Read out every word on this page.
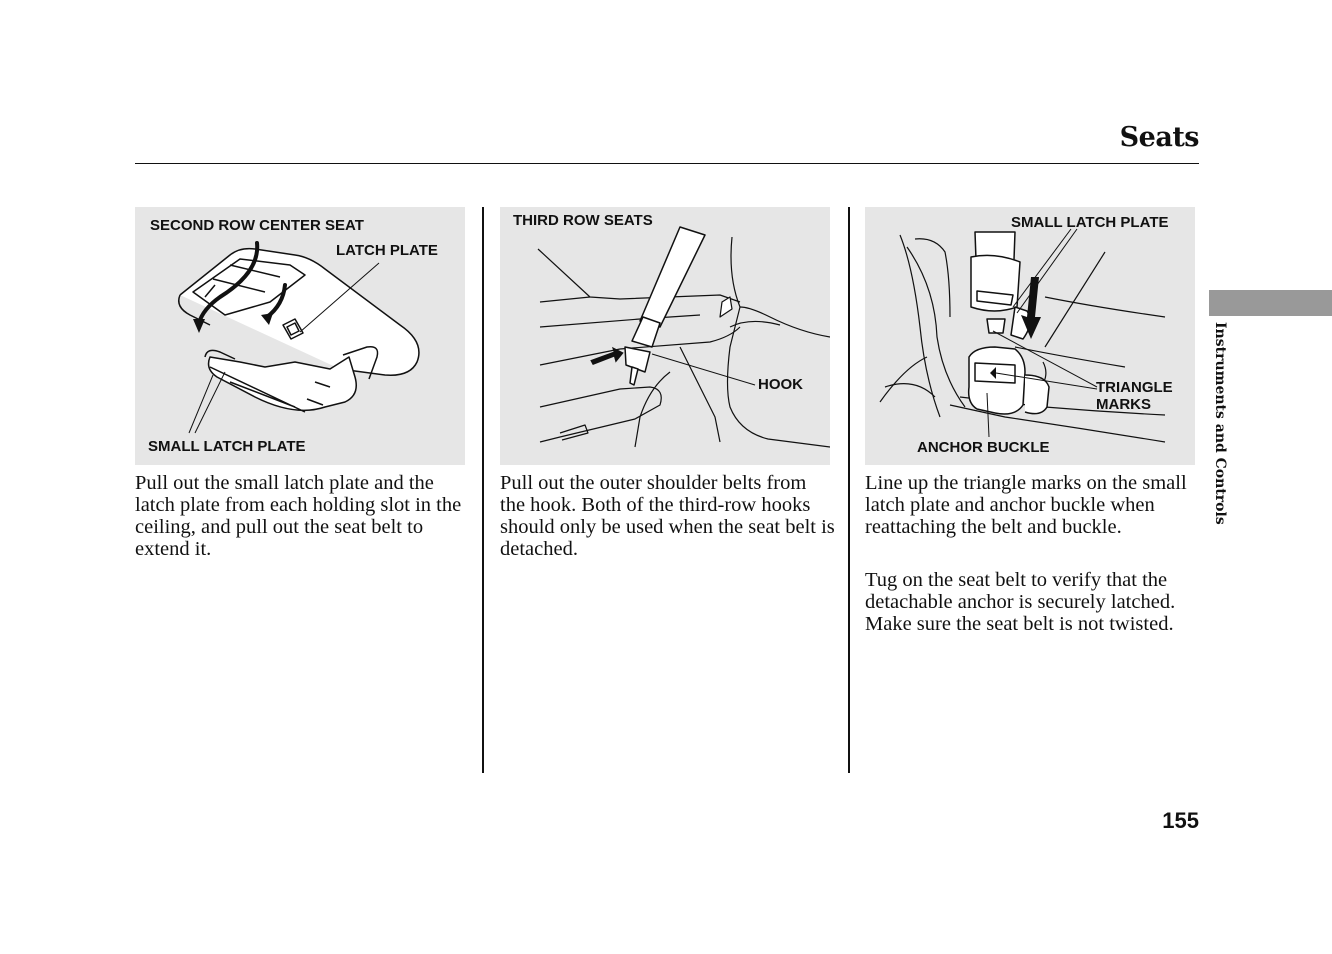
Seats
SECOND ROW CENTER SEAT
LATCH PLATE
SMALL LATCH PLATE

Pull out the small latch plate and the latch plate from each holding slot in the ceiling, and pull out the seat belt to extend it.

THIRD ROW SEATS
HOOK

Pull out the outer shoulder belts from the hook. Both of the third-row hooks should only be used when the seat belt is detached.

SMALL LATCH PLATE
TRIANGLE
MARKS
ANCHOR BUCKLE

Line up the triangle marks on the small latch plate and anchor buckle when reattaching the belt and buckle.

Tug on the seat belt to verify that the detachable anchor is securely latched. Make sure the seat belt is not twisted.

Instruments and Controls
155
